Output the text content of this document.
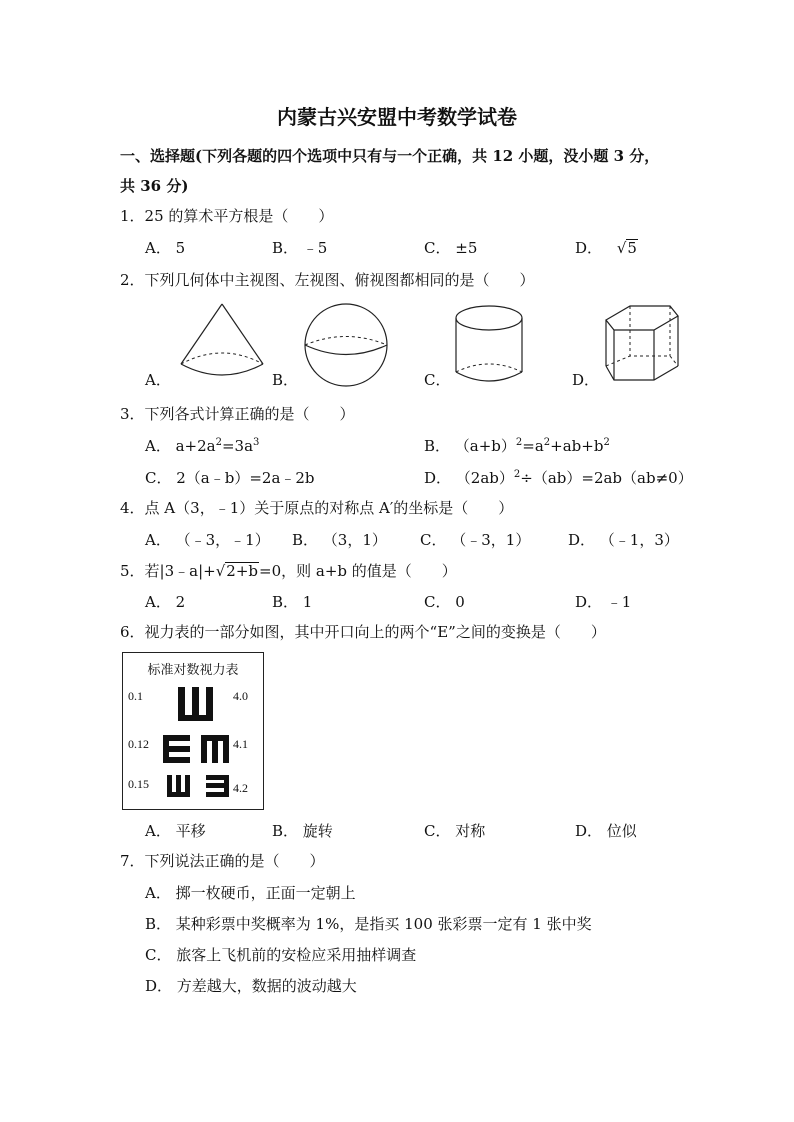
内蒙古兴安盟中考数学试卷
一、选择题(下列各题的四个选项中只有与一个正确，共 12 小题，没小题 3 分，
共 36 分)
1．25 的算术平方根是（　　）
A． 5	B． ﹣5	C． ±5	D． √5
2．下列几何体中主视图、左视图、俯视图都相同的是（　　）
A．	B．	C．	D．
3．下列各式计算正确的是（　　）
A． $a+2a^2=3a^3$	B． $(a+b)^2=a^2+ab+b^2$
C． 2（a﹣b）=2a﹣2b	D． $(2ab)^2\div(ab)=2ab(ab\ne 0)$
4．点 A（3，﹣1）关于原点的对称点 A′的坐标是（　　）
A． （﹣3，﹣1） B． （3，1） C． （﹣3，1）	D． （﹣1，3）
5．若|3﹣a|+√2+b=0，则 a+b 的值是（　　）
A． 2	B． 1	C． 0	D． ﹣1
6．视力表的一部分如图，其中开口向上的两个“E”之间的变换是（　　）
标准对数视力表
0.1	4.0
0.12	4.1
0.15	4.2
A． 平移	B． 旋转	C． 对称	D． 位似
7．下列说法正确的是（　　）
A． 掷一枚硬币，正面一定朝上
B． 某种彩票中奖概率为 1%，是指买 100 张彩票一定有 1 张中奖
C． 旅客上飞机前的安检应采用抽样调查
D． 方差越大，数据的波动越大
